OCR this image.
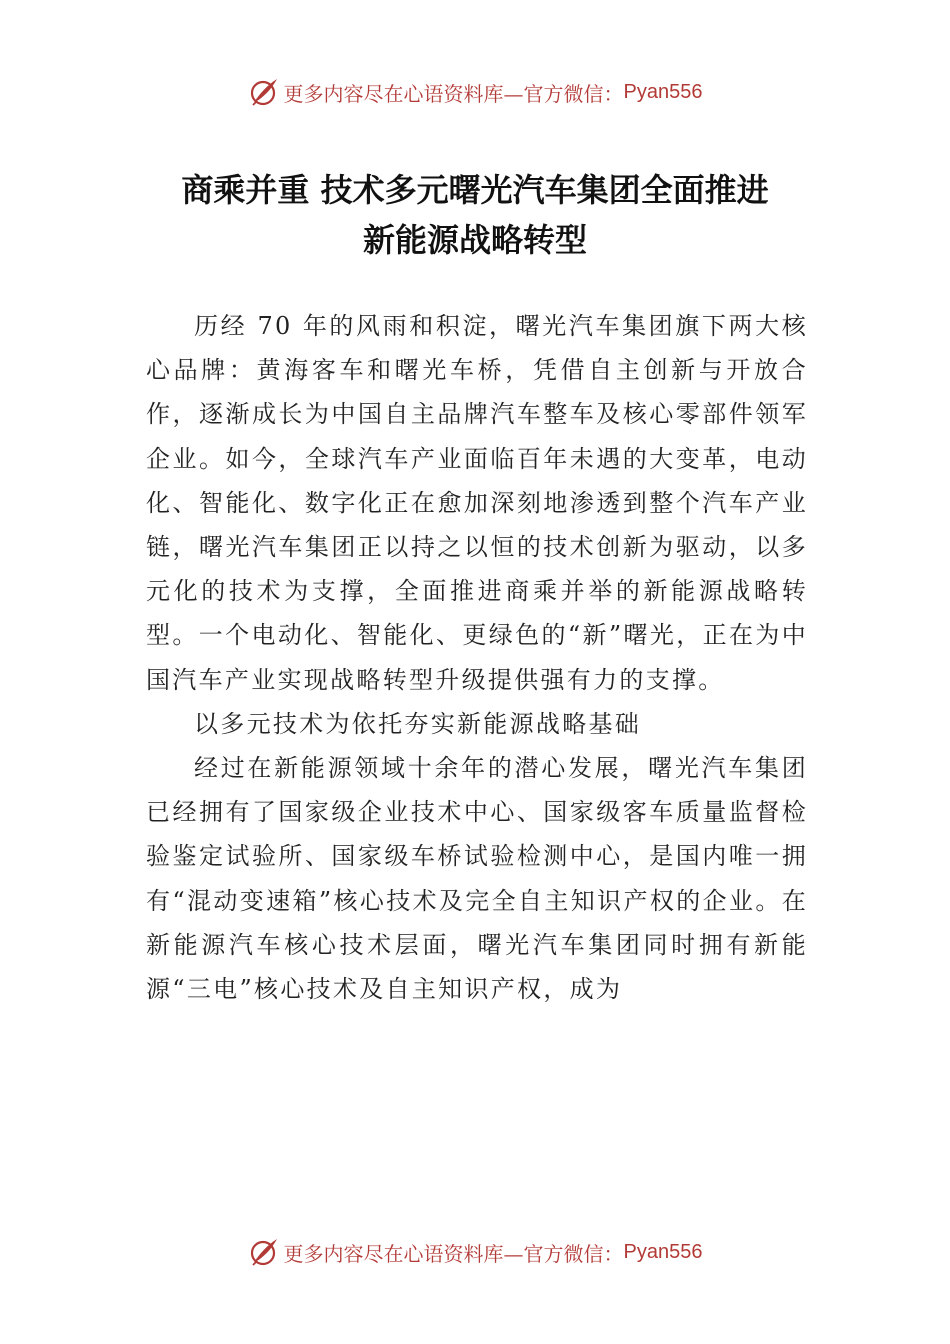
更多内容尽在心语资料库—官方微信： Pyan556
商乘并重 技术多元曙光汽车集团全面推进
新能源战略转型

历经 70 年的风雨和积淀，曙光汽车集团旗下两大核心品牌：黄海客车和曙光车桥，凭借自主创新与开放合作，逐渐成长为中国自主品牌汽车整车及核心零部件领军企业。如今，全球汽车产业面临百年未遇的大变革，电动化、智能化、数字化正在愈加深刻地渗透到整个汽车产业链，曙光汽车集团正以持之以恒的技术创新为驱动，以多元化的技术为支撑，全面推进商乘并举的新能源战略转型。一个电动化、智能化、更绿色的“新”曙光，正在为中国汽车产业实现战略转型升级提供强有力的支撑。

以多元技术为依托夯实新能源战略基础

经过在新能源领域十余年的潜心发展，曙光汽车集团已经拥有了国家级企业技术中心、国家级客车质量监督检验鉴定试验所、国家级车桥试验检测中心，是国内唯一拥有“混动变速箱”核心技术及完全自主知识产权的企业。在新能源汽车核心技术层面，曙光汽车集团同时拥有新能源“三电”核心技术及自主知识产权，成为

更多内容尽在心语资料库—官方微信： Pyan556
